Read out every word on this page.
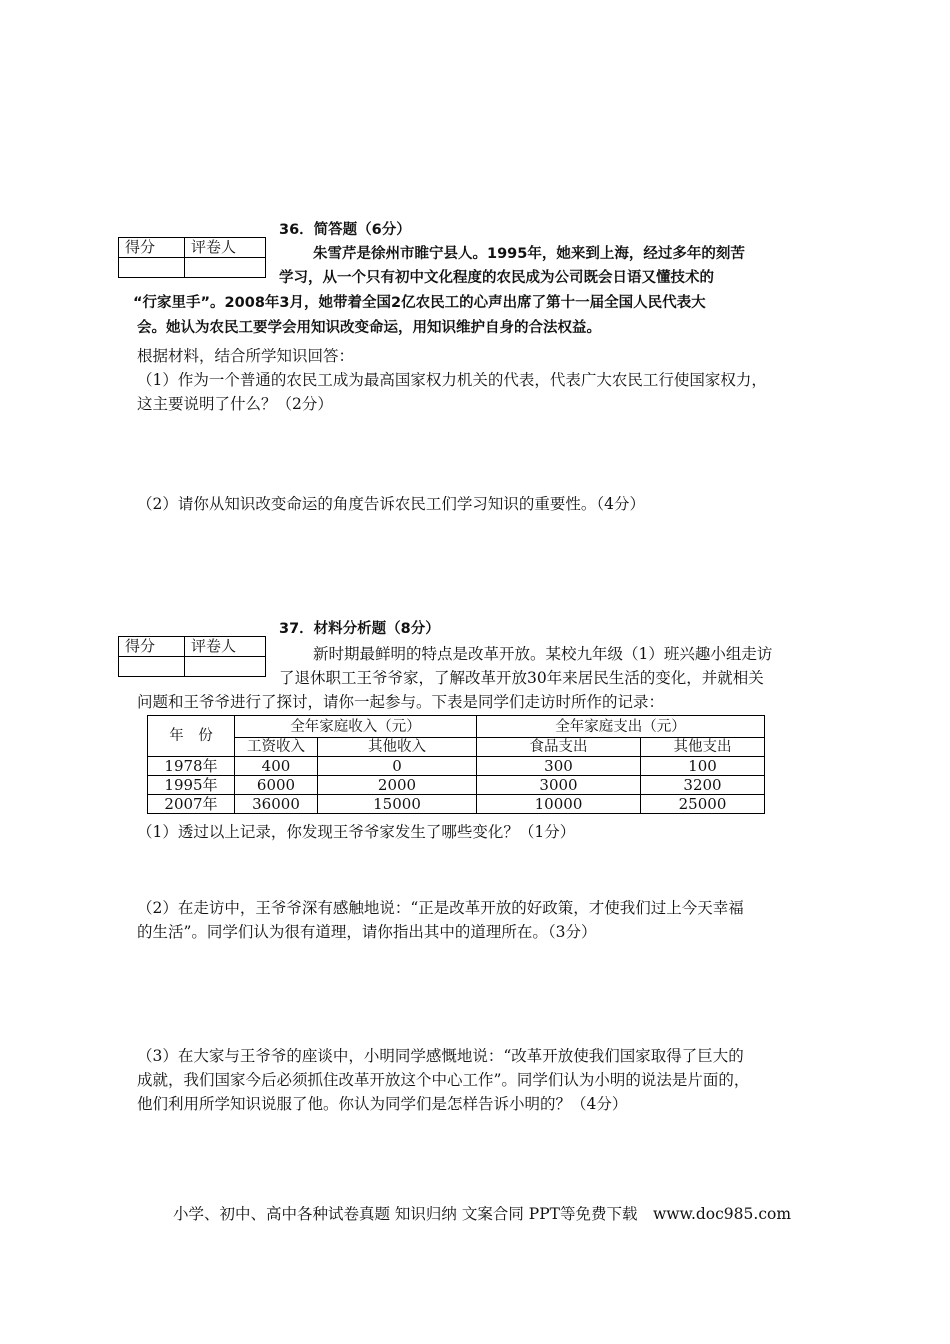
得分	评卷人

36．简答题（6分）
朱雪芹是徐州市睢宁县人。1995年，她来到上海，经过多年的刻苦
学习，从一个只有初中文化程度的农民成为公司既会日语又懂技术的
“行家里手”。2008年3月，她带着全国2亿农民工的心声出席了第十一届全国人民代表大
会。她认为农民工要学会用知识改变命运，用知识维护自身的合法权益。
根据材料，结合所学知识回答：
（1）作为一个普通的农民工成为最高国家权力机关的代表，代表广大农民工行使国家权力，
这主要说明了什么？（2分）
（2）请你从知识改变命运的角度告诉农民工们学习知识的重要性。（4分）
得分	评卷人

37．材料分析题（8分）
新时期最鲜明的特点是改革开放。某校九年级（1）班兴趣小组走访
了退休职工王爷爷家，了解改革开放30年来居民生活的变化，并就相关
问题和王爷爷进行了探讨，请你一起参与。下表是同学们走访时所作的记录：
年　份	全年家庭收入（元）		全年家庭支出（元）	
	工资收入	其他收入	食品支出	其他支出
1978年	400	0	300	100
1995年	6000	2000	3000	3200
2007年	36000	15000	10000	25000
（1）透过以上记录，你发现王爷爷家发生了哪些变化？（1分）
（2）在走访中，王爷爷深有感触地说：“正是改革开放的好政策，才使我们过上今天幸福
的生活”。同学们认为很有道理，请你指出其中的道理所在。（3分）
（3）在大家与王爷爷的座谈中，小明同学感慨地说：“改革开放使我们国家取得了巨大的
成就，我们国家今后必须抓住改革开放这个中心工作”。同学们认为小明的说法是片面的，
他们利用所学知识说服了他。你认为同学们是怎样告诉小明的？（4分）
小学、初中、高中各种试卷真题 知识归纳 文案合同 PPT等免费下载　www.doc985.com
